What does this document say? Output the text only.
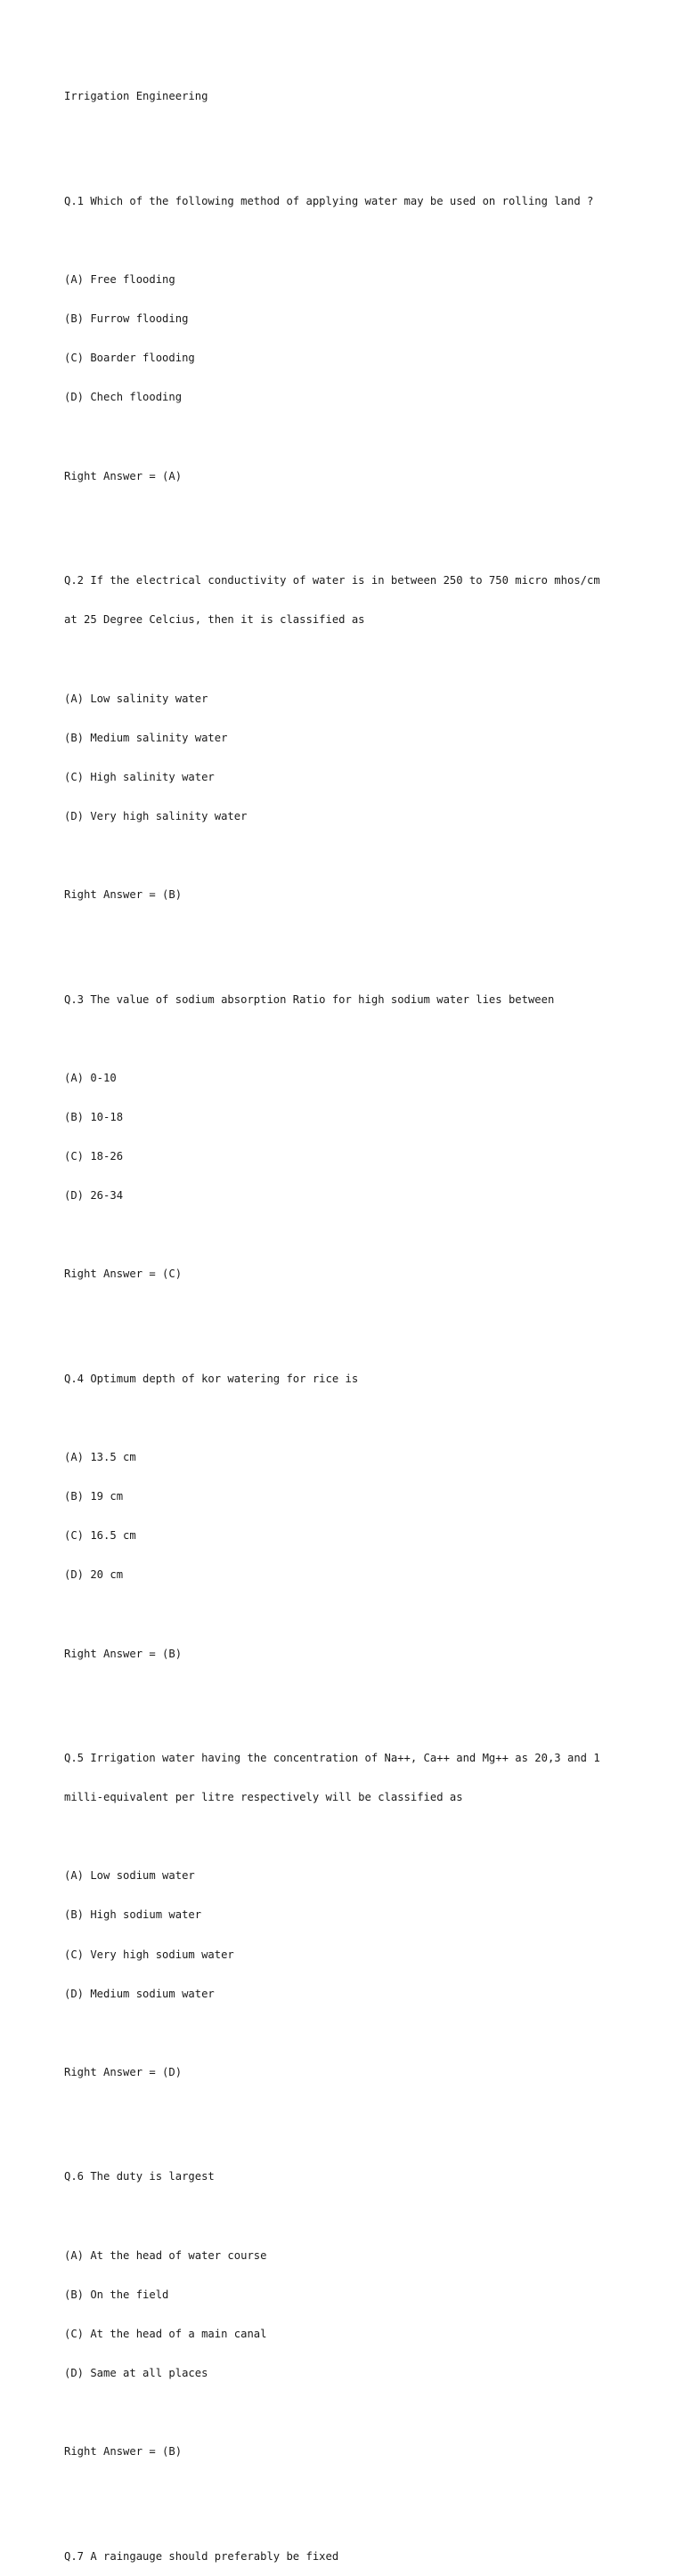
Irrigation Engineering

Q.1 Which of the following method of applying water may be used on rolling land ?

(A) Free flooding

(B) Furrow flooding

(C) Boarder flooding

(D) Chech flooding

Right Answer = (A)

Q.2 If the electrical conductivity of water is in between 250 to 750 micro mhos/cm

at 25 Degree Celcius, then it is classified as

(A) Low salinity water

(B) Medium salinity water

(C) High salinity water

(D) Very high salinity water

Right Answer = (B)

Q.3 The value of sodium absorption Ratio for high sodium water lies between

(A) 0-10

(B) 10-18

(C) 18-26

(D) 26-34

Right Answer = (C)

Q.4 Optimum depth of kor watering for rice is

(A) 13.5 cm

(B) 19 cm

(C) 16.5 cm

(D) 20 cm

Right Answer = (B)

Q.5 Irrigation water having the concentration of Na++, Ca++ and Mg++ as 20,3 and 1

milli-equivalent per litre respectively will be classified as

(A) Low sodium water

(B) High sodium water

(C) Very high sodium water

(D) Medium sodium water

Right Answer = (D)

Q.6 The duty is largest

(A) At the head of water course

(B) On the field

(C) At the head of a main canal

(D) Same at all places

Right Answer = (B)

Q.7 A raingauge should preferably be fixed
